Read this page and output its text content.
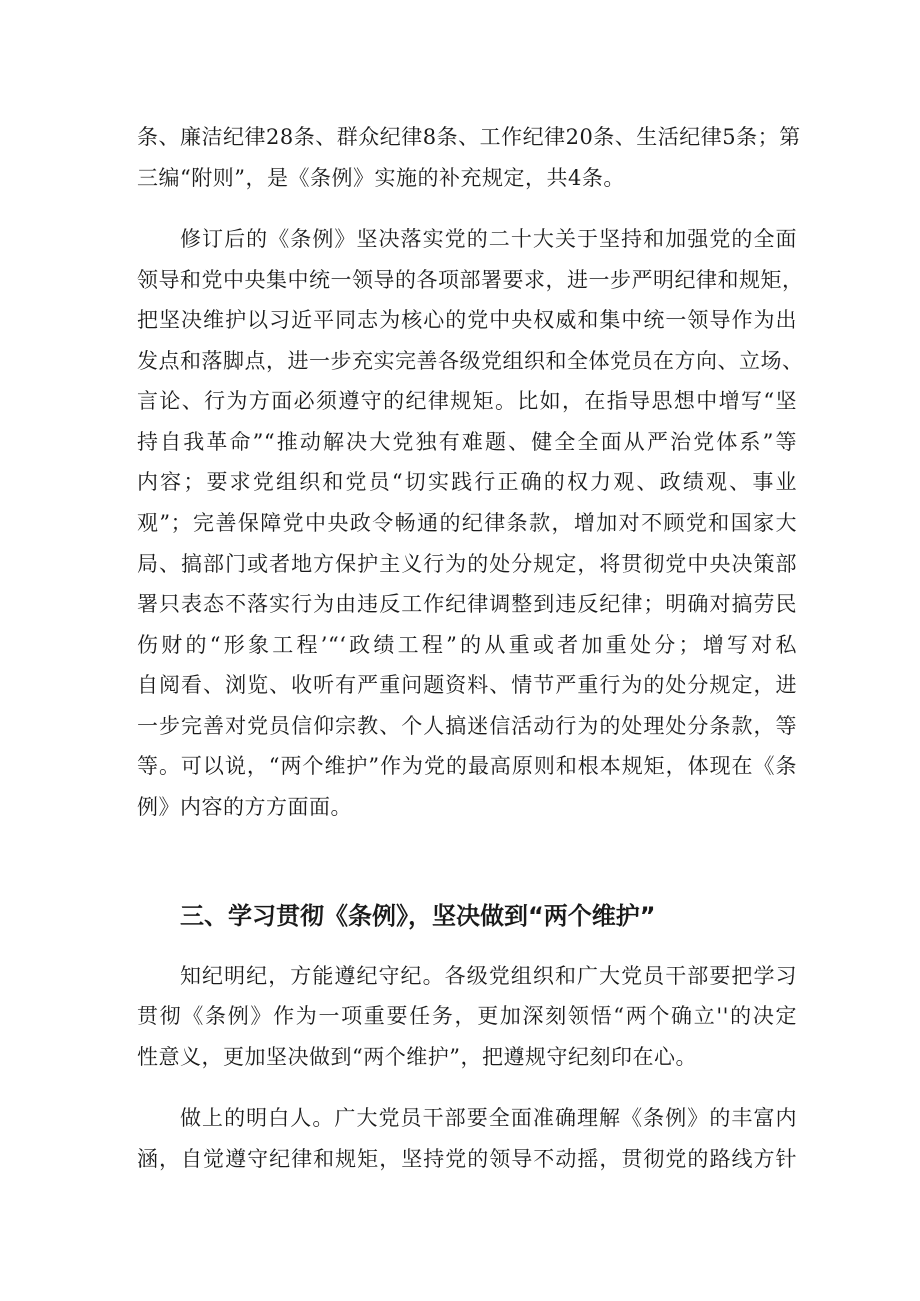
条、廉洁纪律28条、群众纪律8条、工作纪律20条、生活纪律5条；第

三编“附则”，是《条例》实施的补充规定，共4条。

修订后的《条例》坚决落实党的二十大关于坚持和加强党的全面

领导和党中央集中统一领导的各项部署要求，进一步严明纪律和规矩，

把坚决维护以习近平同志为核心的党中央权威和集中统一领导作为出

发点和落脚点，进一步充实完善各级党组织和全体党员在方向、立场、

言论、行为方面必须遵守的纪律规矩。比如，在指导思想中增写“坚

持自我革命”“推动解决大党独有难题、健全全面从严治党体系”等

内容；要求党组织和党员“切实践行正确的权力观、政绩观、事业

观”；完善保障党中央政令畅通的纪律条款，增加对不顾党和国家大

局、搞部门或者地方保护主义行为的处分规定，将贯彻党中央决策部

署只表态不落实行为由违反工作纪律调整到违反纪律；明确对搞劳民

伤财的“形象工程’“‘政绩工程”的从重或者加重处分；增写对私

自阅看、浏览、收听有严重问题资料、情节严重行为的处分规定，进

一步完善对党员信仰宗教、个人搞迷信活动行为的处理处分条款，等

等。可以说，“两个维护”作为党的最高原则和根本规矩，体现在《条

例》内容的方方面面。

三、学习贯彻《条例》，坚决做到“两个维护”

知纪明纪，方能遵纪守纪。各级党组织和广大党员干部要把学习

贯彻《条例》作为一项重要任务，更加深刻领悟“两个确立''的决定

性意义，更加坚决做到“两个维护”，把遵规守纪刻印在心。

做上的明白人。广大党员干部要全面准确理解《条例》的丰富内

涵，自觉遵守纪律和规矩，坚持党的领导不动摇，贯彻党的路线方针
